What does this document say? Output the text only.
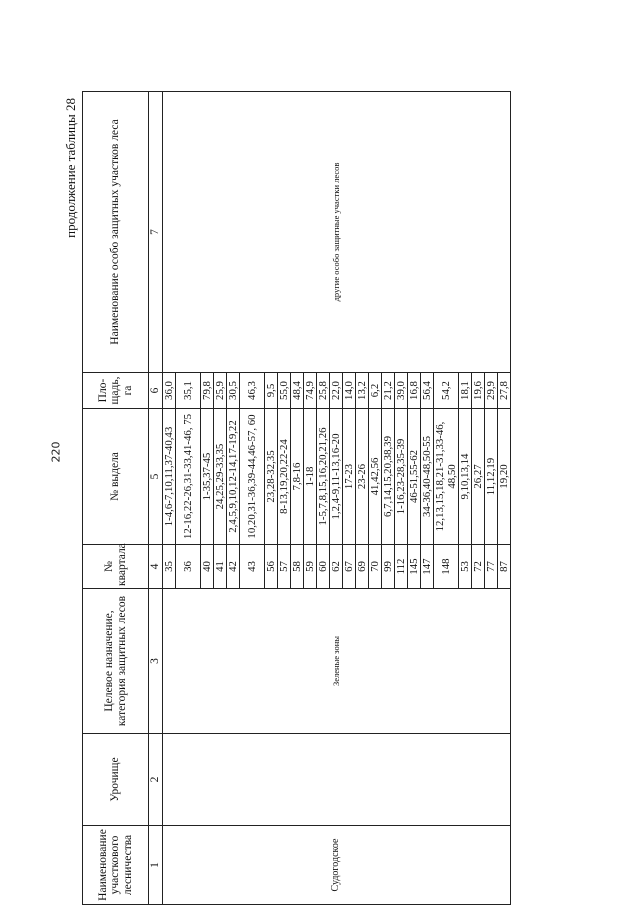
220

продолжение таблицы 28

Наименование участкового лесничества	Урочище	Целевое назначение, категория защитных лесов	№ квартала	№ выдела	Пло-щадь, га	Наименование особо защитных участков леса
1	2	3	4	5	6	7
Судогодское		Зеленые зоны	35	1-4,6-7,10,11,37-40,43	36,0	другие особо защитные участки лесов
			36	12-16,22-26,31-33,41-46, 75	35,1	
			40	1-35,37-45	79,8	
			41	24,25,29-33,35	25,9	
			42	2,4,5,9,10,12-14,17-19,22	30,5	
			43	10,20,31-36,39-44,46-57, 60	46,3	
			56	23,28-32,35	9,5	
			57	8-13,19,20,22-24	55,0	
			58	7,8-16	48,4	
			59	1-18	74,9	
			60	1-5,7,8,15,16,20,21,26	25,8	
			62	1,2,4-9,11-13,16-20	22,0	
			67	17-23	14,0	
			69	23-26	13,2	
			70	41,42,56	6,2	
			99	6,7,14,15,20,38,39	21,2	
			112	1-16,23-28,35-39	39,0	
			145	46-51,55-62	16,8	
			147	34-36,40-48,50-55	56,4	
			148	12,13,15,18,21-31,33-46, 48,50	54,2	
			53	9,10,13,14	18,1	
			72	26,27	19,6	
			77	11,12,19	29,9	
			87	19,20	27,8	
